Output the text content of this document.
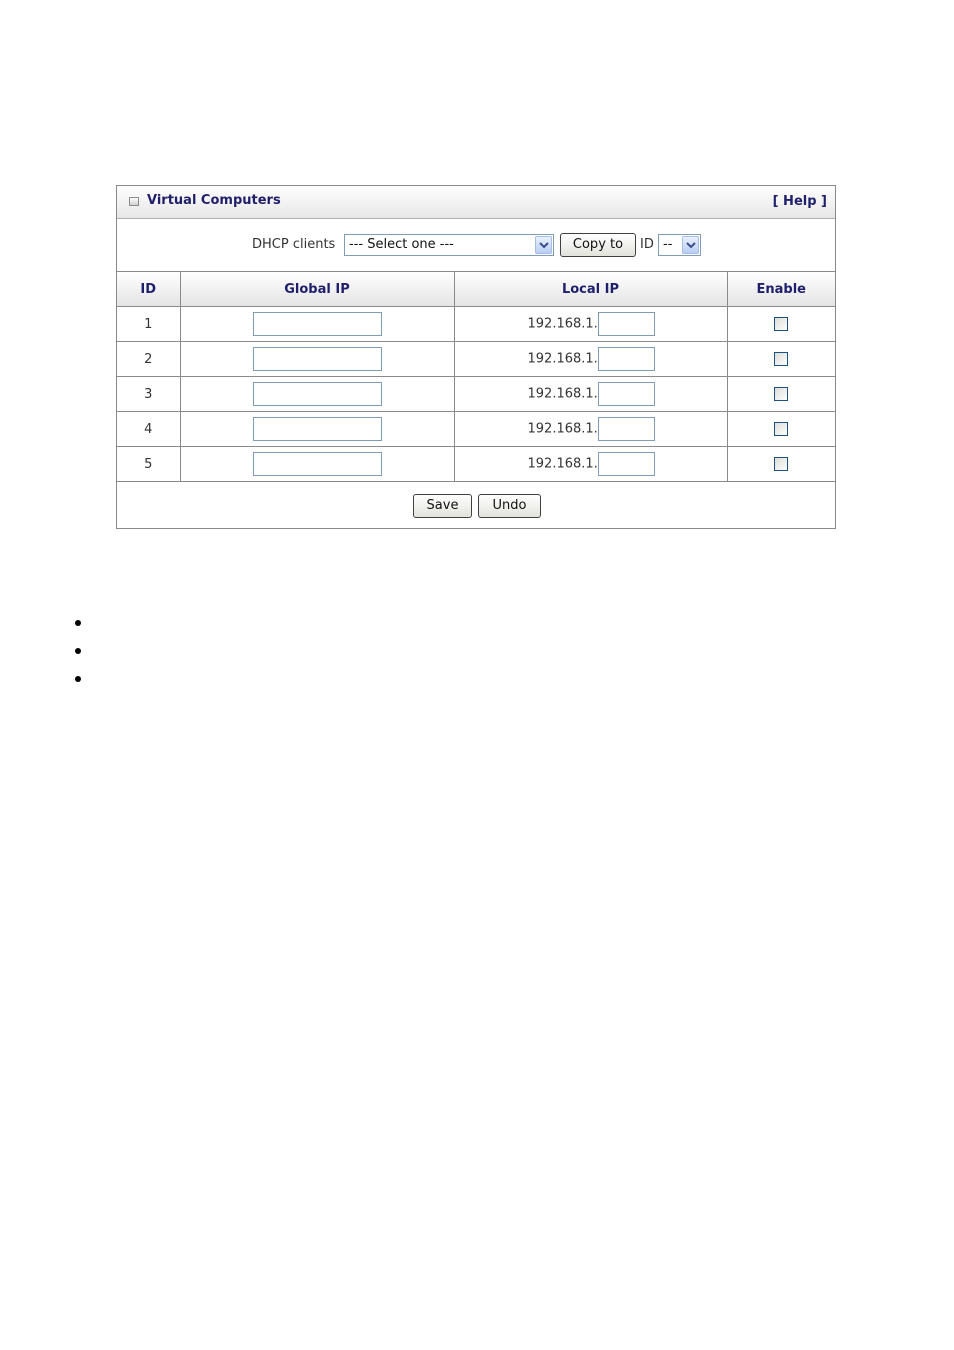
Virtual Computers	[ Help ]
DHCP clients --- Select one ---	Copy to	ID --
ID	Global IP	Local IP	Enable
1		192.168.1.	

2		192.168.1.	

3		192.168.1.	

4		192.168.1.	

5		192.168.1.	

Save	Undo
